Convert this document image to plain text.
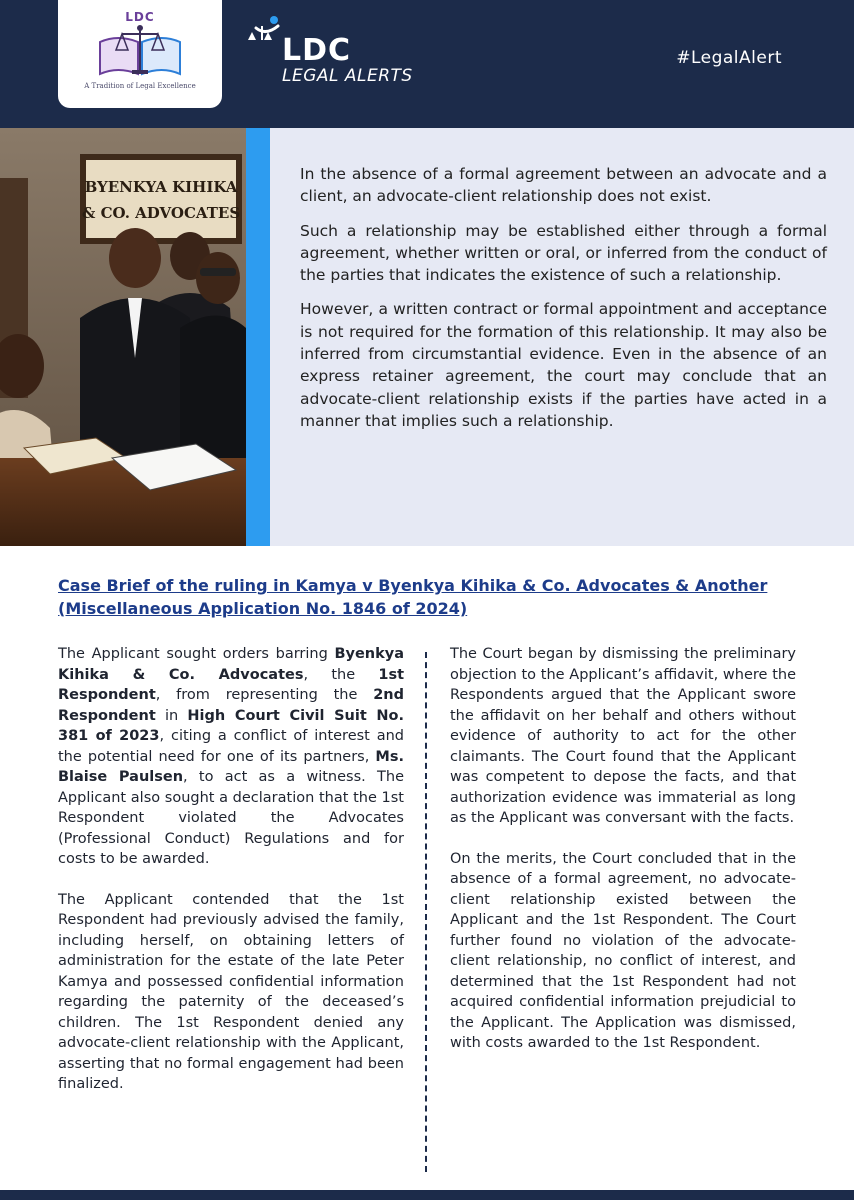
LDC
A Tradition of Legal Excellence
LDC
LEGAL ALERTS
#LegalAlert
BYENKYA KIHIKA
& CO. ADVOCATES

In the absence of a formal agreement between an advocate and a client, an advocate-client relationship does not exist.

Such a relationship may be established either through a formal agreement, whether written or oral, or inferred from the conduct of the parties that indicates the existence of such a relationship.

However, a written contract or formal appointment and acceptance is not required for the formation of this relationship. It may also be inferred from circumstantial evidence. Even in the absence of an express retainer agreement, the court may conclude that an advocate-client relationship exists if the parties have acted in a manner that implies such a relationship.

Case Brief of the ruling in Kamya v Byenkya Kihika & Co. Advocates & Another (Miscellaneous Application No. 1846 of 2024)

The Applicant sought orders barring Byenkya Kihika & Co. Advocates, the 1st Respondent, from representing the 2nd Respondent in High Court Civil Suit No. 381 of 2023, citing a conflict of interest and the potential need for one of its partners, Ms. Blaise Paulsen, to act as a witness. The Applicant also sought a declaration that the 1st Respondent violated the Advocates (Professional Conduct) Regulations and for costs to be awarded.

The Applicant contended that the 1st Respondent had previously advised the family, including herself, on obtaining letters of administration for the estate of the late Peter Kamya and possessed confidential information regarding the paternity of the deceased’s children. The 1st Respondent denied any advocate-client relationship with the Applicant, asserting that no formal engagement had been finalized.

The Court began by dismissing the preliminary objection to the Applicant’s affidavit, where the Respondents argued that the Applicant swore the affidavit on her behalf and others without evidence of authority to act for the other claimants. The Court found that the Applicant was competent to depose the facts, and that authorization evidence was immaterial as long as the Applicant was conversant with the facts.

On the merits, the Court concluded that in the absence of a formal agreement, no advocate-client relationship existed between the Applicant and the 1st Respondent. The Court further found no violation of the advocate-client relationship, no conflict of interest, and determined that the 1st Respondent had not acquired confidential information prejudicial to the Applicant. The Application was dismissed, with costs awarded to the 1st Respondent.
